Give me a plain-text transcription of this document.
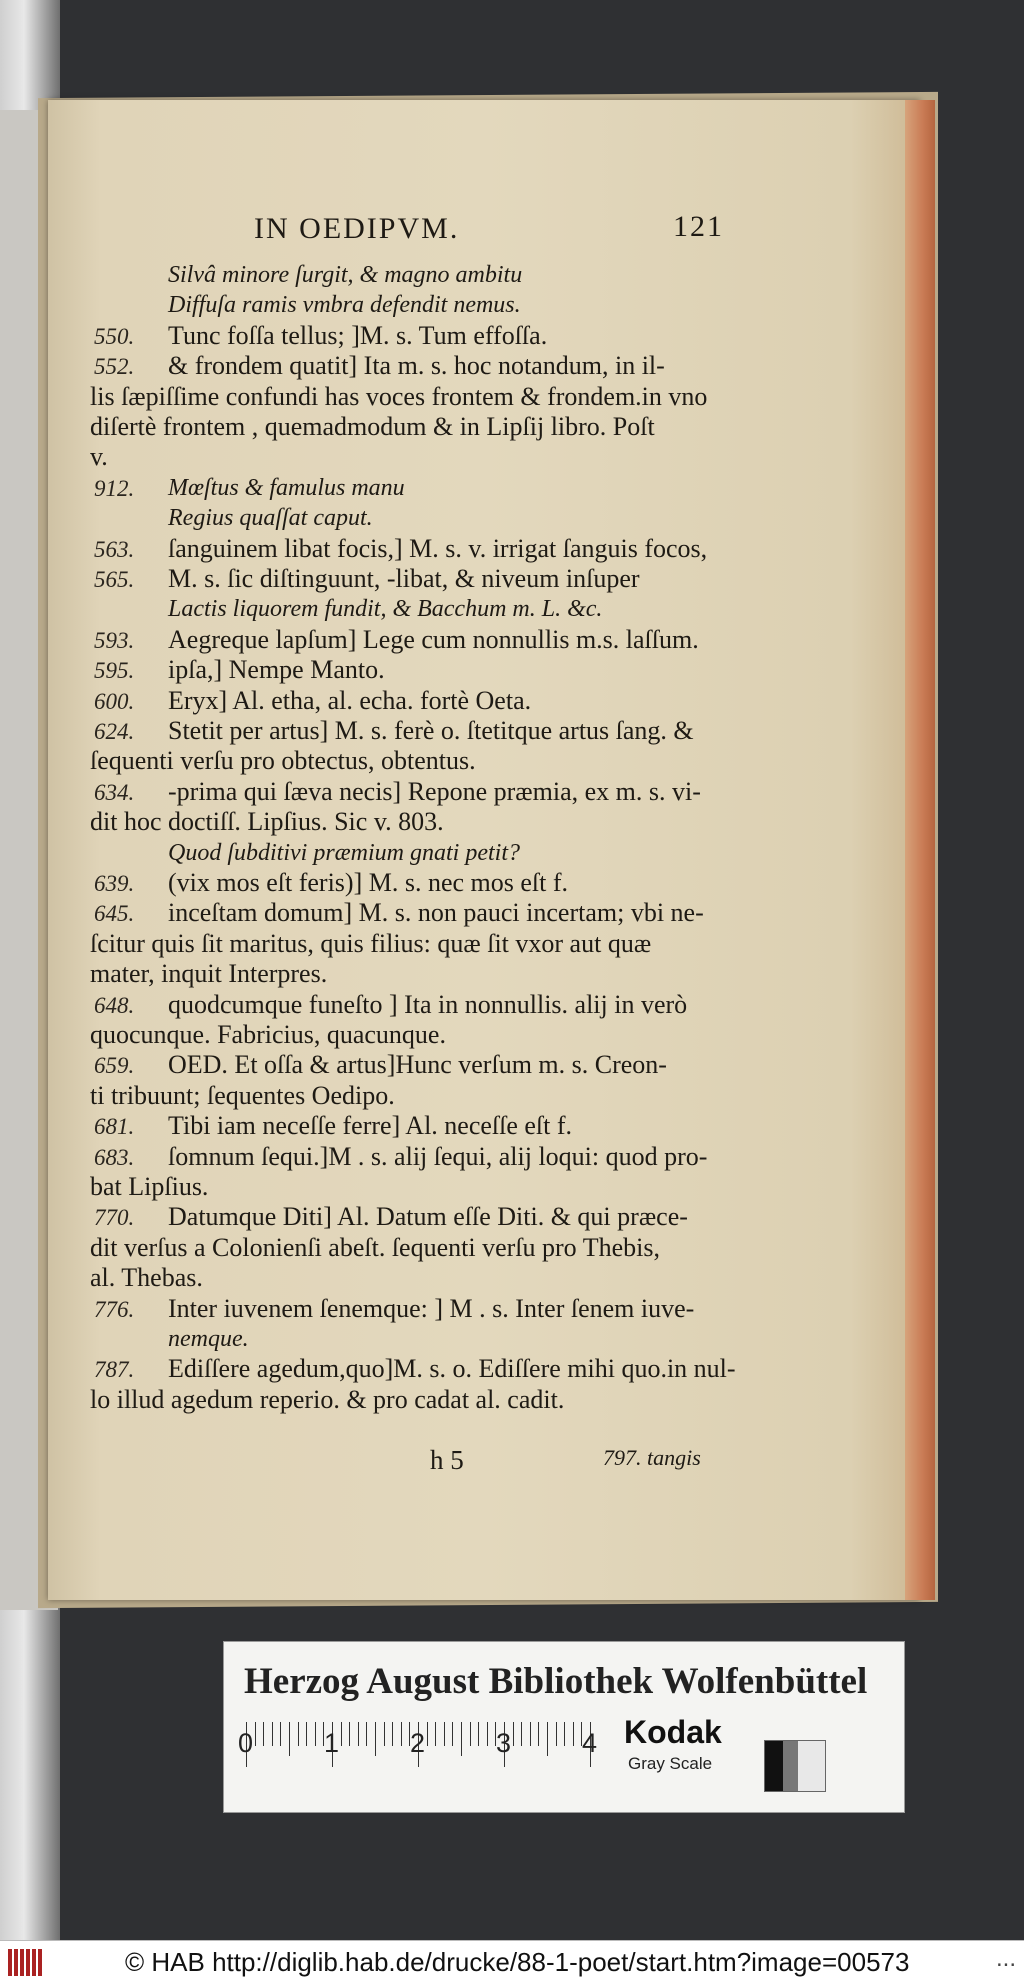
IN OEDIPVM.	121
Silvâ minore ſurgit, & magno ambitu
Diffuſa ramis vmbra defendit nemus.
550. Tunc foſſa tellus; ]M. s. Tum effoſſa.
552. & frondem quatit] Ita m. s. hoc notandum, in il-
lis ſæpiſſime confundi has voces frontem & frondem.in vno
diſertè frontem , quemadmodum & in Lipſij libro. Poſt
v.
912. Mœſtus & famulus manu
Regius quaſſat caput.
563. ſanguinem libat focis,] M. s. v. irrigat ſanguis focos,
565. M. s. ſic diſtinguunt, -libat, & niveum inſuper
Lactis liquorem fundit, & Bacchum m. L. &c.
593. Aegreque lapſum] Lege cum nonnullis m.s. laſſum.
595. ipſa,] Nempe Manto.
600. Eryx] Al. etha, al. echa. fortè Oeta.
624. Stetit per artus] M. s. ferè o. ſtetitque artus ſang. &
ſequenti verſu pro obtectus, obtentus.
634. -prima qui ſæva necis] Repone præmia, ex m. s. vi-
dit hoc doctiſſ. Lipſius. Sic v. 803.
Quod ſubditivi præmium gnati petit?
639. (vix mos eſt feris)] M. s. nec mos eſt f.
645. inceſtam domum] M. s. non pauci incertam; vbi ne-
ſcitur quis ſit maritus, quis filius: quæ ſit vxor aut quæ
mater, inquit Interpres.
648. quodcumque funeſto ] Ita in nonnullis. alij in verò
quocunque. Fabricius, quacunque.
659. OED. Et oſſa & artus]Hunc verſum m. s. Creon-
ti tribuunt; ſequentes Oedipo.
681. Tibi iam neceſſe ferre] Al. neceſſe eſt f.
683. ſomnum ſequi.]M . s. alij ſequi, alij loqui: quod pro-
bat Lipſius.
770. Datumque Diti] Al. Datum eſſe Diti. & qui præce-
dit verſus a Colonienſi abeſt. ſequenti verſu pro Thebis,
al. Thebas.
776. Inter iuvenem ſenemque: ] M . s. Inter ſenem iuve-
nemque.
787. Ediſſere agedum,quo]M. s. o. Ediſſere mihi quo.in nul-
lo illud agedum reperio. & pro cadat al. cadit.
h 5	797. tangis
Herzog August Bibliothek Wolfenbüttel
0	1	2	3	4 Kodak
Gray Scale
© HAB http://diglib.hab.de/drucke/88-1-poet/start.htm?image=00573	...
